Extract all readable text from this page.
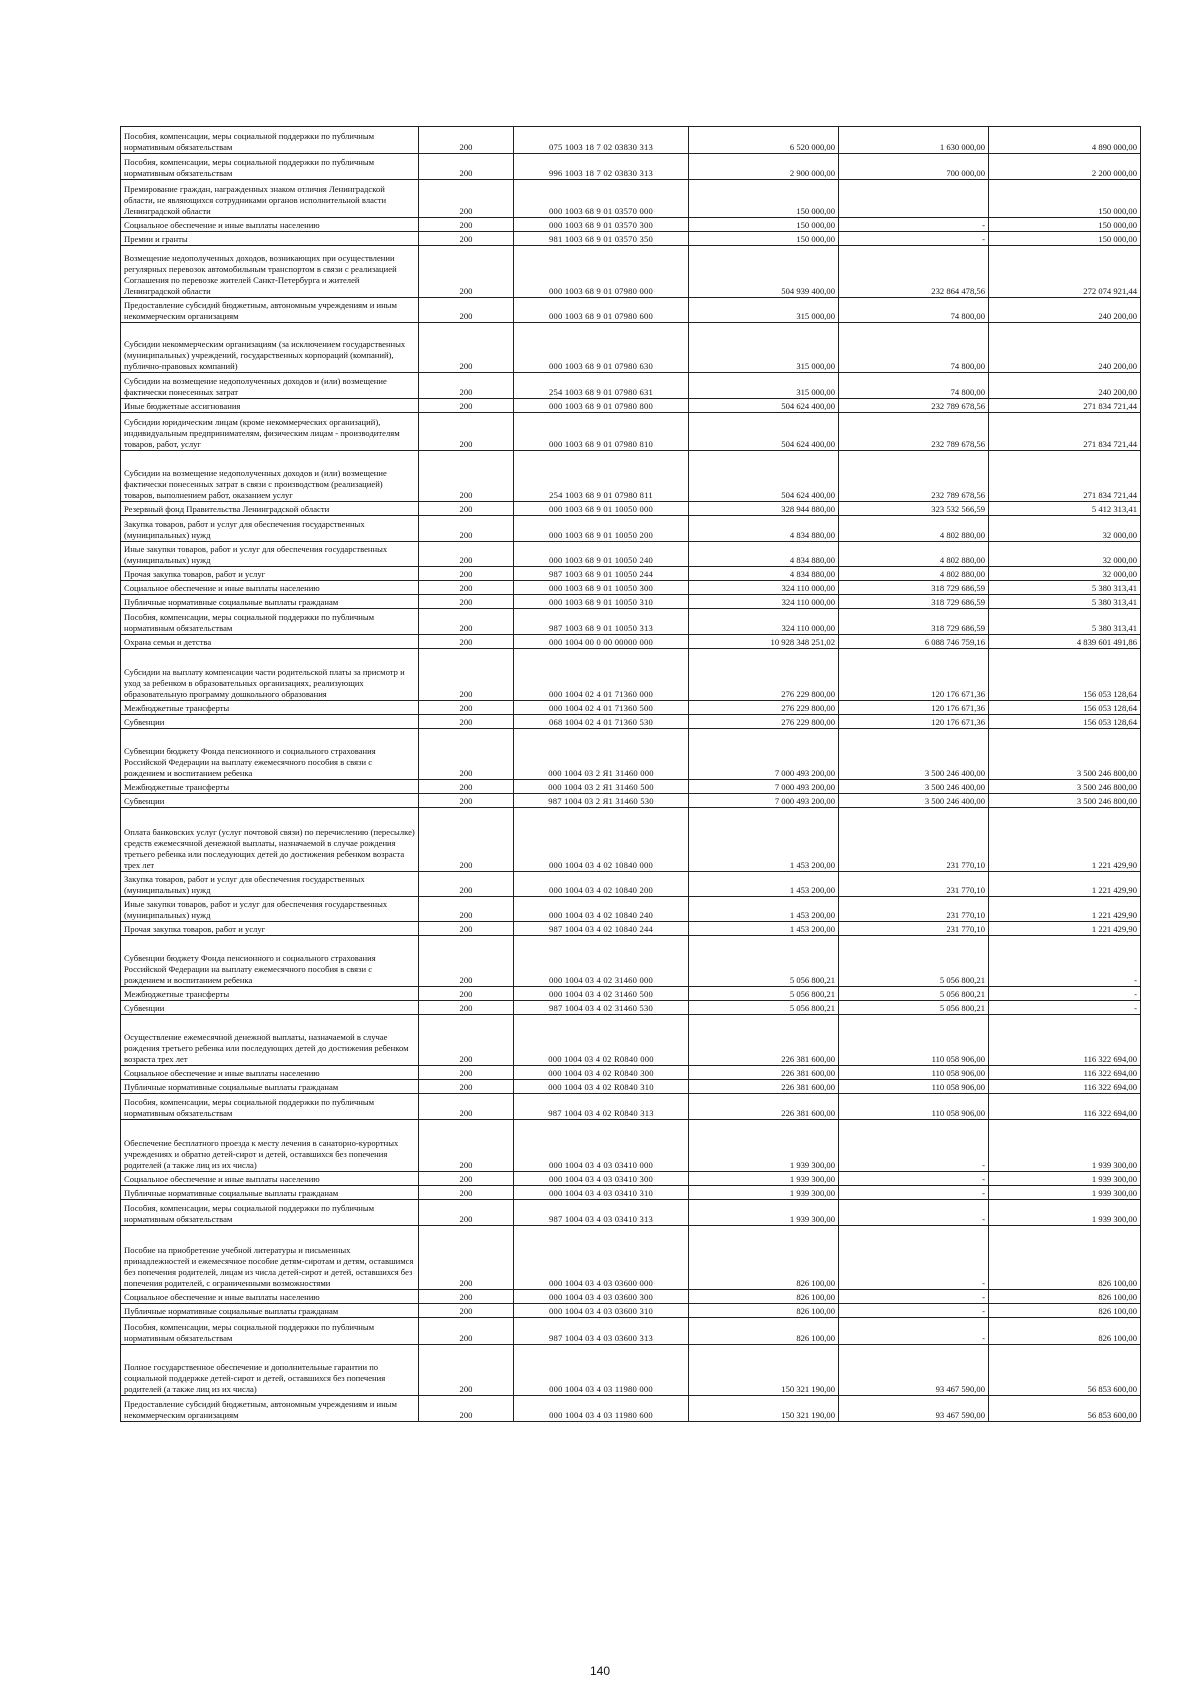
Пособия, компенсации, меры социальной поддержки по публичным нормативным обязательствам	200	075 1003 18 7 02 03830 313	6 520 000,00	1 630 000,00	4 890 000,00
Пособия, компенсации, меры социальной поддержки по публичным нормативным обязательствам	200	996 1003 18 7 02 03830 313	2 900 000,00	700 000,00	2 200 000,00
Премирование граждан, награжденных знаком отличия Ленинградской области, не являющихся сотрудниками органов исполнительной власти Ленинградской области	200	000 1003 68 9 01 03570 000	150 000,00		150 000,00
Социальное обеспечение и иные выплаты населению	200	000 1003 68 9 01 03570 300	150 000,00	-	150 000,00
Премии и гранты	200	981 1003 68 9 01 03570 350	150 000,00	-	150 000,00
Возмещение недополученных доходов, возникающих при осуществлении регулярных перевозок автомобильным транспортом в связи с реализацией Соглашения по перевозке жителей Санкт-Петербурга и жителей Ленинградской области	200	000 1003 68 9 01 07980 000	504 939 400,00	232 864 478,56	272 074 921,44
Предоставление субсидий бюджетным, автономным учреждениям и иным некоммерческим организациям	200	000 1003 68 9 01 07980 600	315 000,00	74 800,00	240 200,00
Субсидии некоммерческим организациям (за исключением государственных (муниципальных) учреждений, государственных корпораций (компаний), публично-правовых компаний)	200	000 1003 68 9 01 07980 630	315 000,00	74 800,00	240 200,00
Субсидии на возмещение недополученных доходов и (или) возмещение фактически понесенных затрат	200	254 1003 68 9 01 07980 631	315 000,00	74 800,00	240 200,00
Иные бюджетные ассигнования	200	000 1003 68 9 01 07980 800	504 624 400,00	232 789 678,56	271 834 721,44
Субсидии юридическим лицам (кроме некоммерческих организаций), индивидуальным предпринимателям, физическим лицам - производителям товаров, работ, услуг	200	000 1003 68 9 01 07980 810	504 624 400,00	232 789 678,56	271 834 721,44
Субсидии на возмещение недополученных доходов и (или) возмещение фактически понесенных затрат в связи с производством (реализацией) товаров, выполнением работ, оказанием услуг	200	254 1003 68 9 01 07980 811	504 624 400,00	232 789 678,56	271 834 721,44
Резервный фонд Правительства Ленинградской области	200	000 1003 68 9 01 10050 000	328 944 880,00	323 532 566,59	5 412 313,41
Закупка товаров, работ и услуг для обеспечения государственных (муниципальных) нужд	200	000 1003 68 9 01 10050 200	4 834 880,00	4 802 880,00	32 000,00
Иные закупки товаров, работ и услуг для обеспечения государственных (муниципальных) нужд	200	000 1003 68 9 01 10050 240	4 834 880,00	4 802 880,00	32 000,00
Прочая закупка товаров, работ и услуг	200	987 1003 68 9 01 10050 244	4 834 880,00	4 802 880,00	32 000,00
Социальное обеспечение и иные выплаты населению	200	000 1003 68 9 01 10050 300	324 110 000,00	318 729 686,59	5 380 313,41
Публичные нормативные социальные выплаты гражданам	200	000 1003 68 9 01 10050 310	324 110 000,00	318 729 686,59	5 380 313,41
Пособия, компенсации, меры социальной поддержки по публичным нормативным обязательствам	200	987 1003 68 9 01 10050 313	324 110 000,00	318 729 686,59	5 380 313,41
Охрана семьи и детства	200	000 1004 00 0 00 00000 000	10 928 348 251,02	6 088 746 759,16	4 839 601 491,86
Субсидии на выплату компенсации части родительской платы за присмотр и уход за ребенком в образовательных организациях, реализующих образовательную программу дошкольного образования	200	000 1004 02 4 01 71360 000	276 229 800,00	120 176 671,36	156 053 128,64
Межбюджетные трансферты	200	000 1004 02 4 01 71360 500	276 229 800,00	120 176 671,36	156 053 128,64
Субвенции	200	068 1004 02 4 01 71360 530	276 229 800,00	120 176 671,36	156 053 128,64
Субвенции бюджету Фонда пенсионного и социального страхования Российской Федерации на выплату ежемесячного пособия в связи с рождением и воспитанием ребенка	200	000 1004 03 2 Я1 31460 000	7 000 493 200,00	3 500 246 400,00	3 500 246 800,00
Межбюджетные трансферты	200	000 1004 03 2 Я1 31460 500	7 000 493 200,00	3 500 246 400,00	3 500 246 800,00
Субвенции	200	987 1004 03 2 Я1 31460 530	7 000 493 200,00	3 500 246 400,00	3 500 246 800,00
Оплата банковских услуг (услуг почтовой связи) по перечислению (пересылке) средств ежемесячной денежной выплаты, назначаемой в случае рождения третьего ребенка или последующих детей до достижения ребенком возраста трех лет	200	000 1004 03 4 02 10840 000	1 453 200,00	231 770,10	1 221 429,90
Закупка товаров, работ и услуг для обеспечения государственных (муниципальных) нужд	200	000 1004 03 4 02 10840 200	1 453 200,00	231 770,10	1 221 429,90
Иные закупки товаров, работ и услуг для обеспечения государственных (муниципальных) нужд	200	000 1004 03 4 02 10840 240	1 453 200,00	231 770,10	1 221 429,90
Прочая закупка товаров, работ и услуг	200	987 1004 03 4 02 10840 244	1 453 200,00	231 770,10	1 221 429,90
Субвенции бюджету Фонда пенсионного и социального страхования Российской Федерации на выплату ежемесячного пособия в связи с рождением и воспитанием ребенка	200	000 1004 03 4 02 31460 000	5 056 800,21	5 056 800,21	-
Межбюджетные трансферты	200	000 1004 03 4 02 31460 500	5 056 800,21	5 056 800,21	-
Субвенции	200	987 1004 03 4 02 31460 530	5 056 800,21	5 056 800,21	-
Осуществление ежемесячной денежной выплаты, назначаемой в случае рождения третьего ребенка или последующих детей до достижения ребенком возраста трех лет	200	000 1004 03 4 02 R0840 000	226 381 600,00	110 058 906,00	116 322 694,00
Социальное обеспечение и иные выплаты населению	200	000 1004 03 4 02 R0840 300	226 381 600,00	110 058 906,00	116 322 694,00
Публичные нормативные социальные выплаты гражданам	200	000 1004 03 4 02 R0840 310	226 381 600,00	110 058 906,00	116 322 694,00
Пособия, компенсации, меры социальной поддержки по публичным нормативным обязательствам	200	987 1004 03 4 02 R0840 313	226 381 600,00	110 058 906,00	116 322 694,00
Обеспечение бесплатного проезда к месту лечения в санаторно-курортных учреждениях и обратно детей-сирот и детей, оставшихся без попечения родителей (а также лиц из их числа)	200	000 1004 03 4 03 03410 000	1 939 300,00	-	1 939 300,00
Социальное обеспечение и иные выплаты населению	200	000 1004 03 4 03 03410 300	1 939 300,00	-	1 939 300,00
Публичные нормативные социальные выплаты гражданам	200	000 1004 03 4 03 03410 310	1 939 300,00	-	1 939 300,00
Пособия, компенсации, меры социальной поддержки по публичным нормативным обязательствам	200	987 1004 03 4 03 03410 313	1 939 300,00	-	1 939 300,00
Пособие на приобретение учебной литературы и письменных принадлежностей и ежемесячное пособие детям-сиротам и детям, оставшимся без попечения родителей, лицам из числа детей-сирот и детей, оставшихся без попечения родителей, с ограниченными возможностями	200	000 1004 03 4 03 03600 000	826 100,00	-	826 100,00
Социальное обеспечение и иные выплаты населению	200	000 1004 03 4 03 03600 300	826 100,00	-	826 100,00
Публичные нормативные социальные выплаты гражданам	200	000 1004 03 4 03 03600 310	826 100,00	-	826 100,00
Пособия, компенсации, меры социальной поддержки по публичным нормативным обязательствам	200	987 1004 03 4 03 03600 313	826 100,00	-	826 100,00
Полное государственное обеспечение и дополнительные гарантии по социальной поддержке детей-сирот и детей, оставшихся без попечения родителей (а также лиц из их числа)	200	000 1004 03 4 03 11980 000	150 321 190,00	93 467 590,00	56 853 600,00
Предоставление субсидий бюджетным, автономным учреждениям и иным некоммерческим организациям	200	000 1004 03 4 03 11980 600	150 321 190,00	93 467 590,00	56 853 600,00
140
